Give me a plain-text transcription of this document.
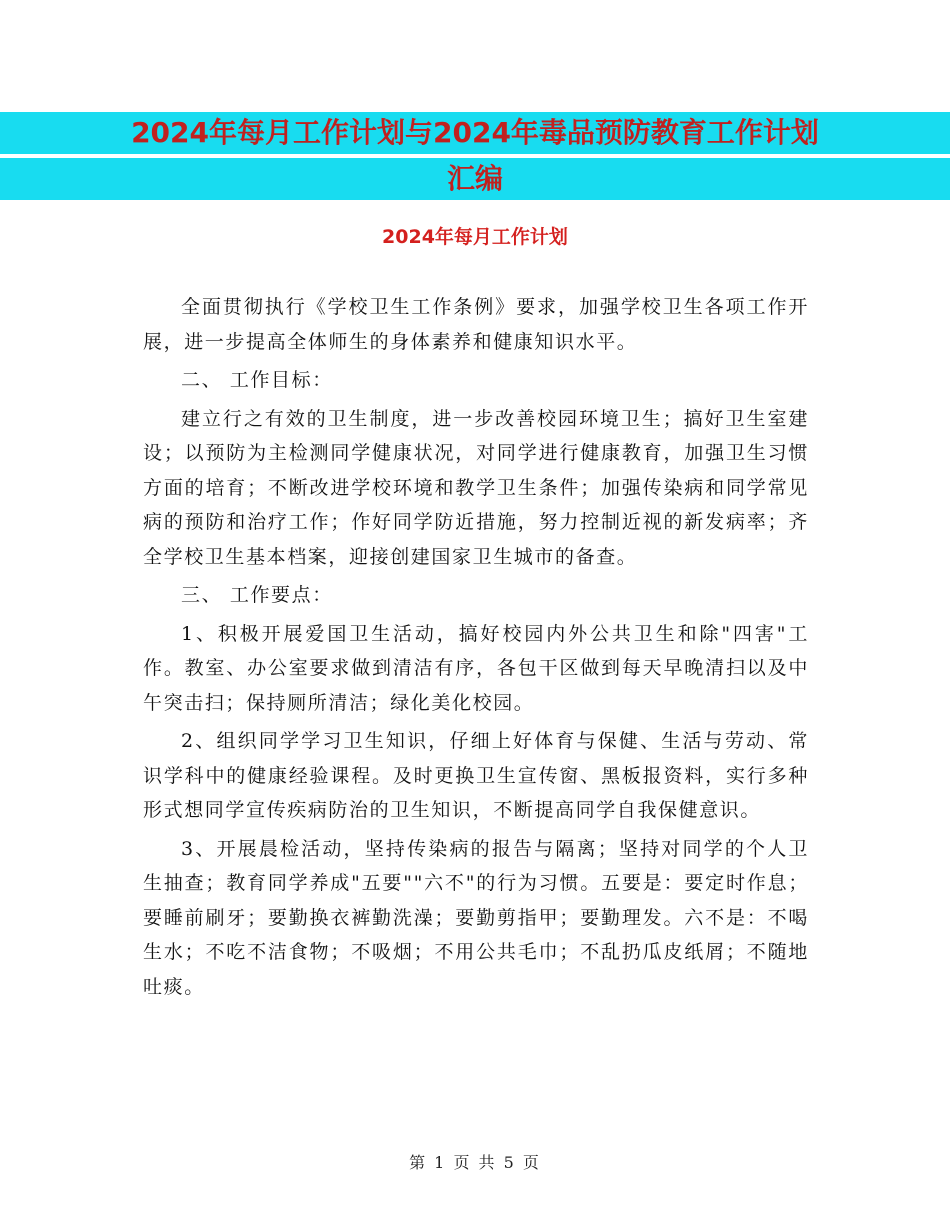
2024年每月工作计划与2024年毒品预防教育工作计划
汇编
2024年每月工作计划

全面贯彻执行《学校卫生工作条例》要求，加强学校卫生各项工作开展，进一步提高全体师生的身体素养和健康知识水平。

二、 工作目标：

建立行之有效的卫生制度，进一步改善校园环境卫生；搞好卫生室建设；以预防为主检测同学健康状况，对同学进行健康教育，加强卫生习惯方面的培育；不断改进学校环境和教学卫生条件；加强传染病和同学常见病的预防和治疗工作；作好同学防近措施，努力控制近视的新发病率；齐全学校卫生基本档案，迎接创建国家卫生城市的备查。

三、 工作要点：

1、积极开展爱国卫生活动，搞好校园内外公共卫生和除"四害"工作。教室、办公室要求做到清洁有序，各包干区做到每天早晚清扫以及中午突击扫；保持厕所清洁；绿化美化校园。

2、组织同学学习卫生知识，仔细上好体育与保健、生活与劳动、常识学科中的健康经验课程。及时更换卫生宣传窗、黑板报资料，实行多种形式想同学宣传疾病防治的卫生知识，不断提高同学自我保健意识。

3、开展晨检活动，坚持传染病的报告与隔离；坚持对同学的个人卫生抽查；教育同学养成"五要""六不"的行为习惯。五要是：要定时作息；要睡前刷牙；要勤换衣裤勤洗澡；要勤剪指甲；要勤理发。六不是：不喝生水；不吃不洁食物；不吸烟；不用公共毛巾；不乱扔瓜皮纸屑；不随地吐痰。

第 1 页 共 5 页
